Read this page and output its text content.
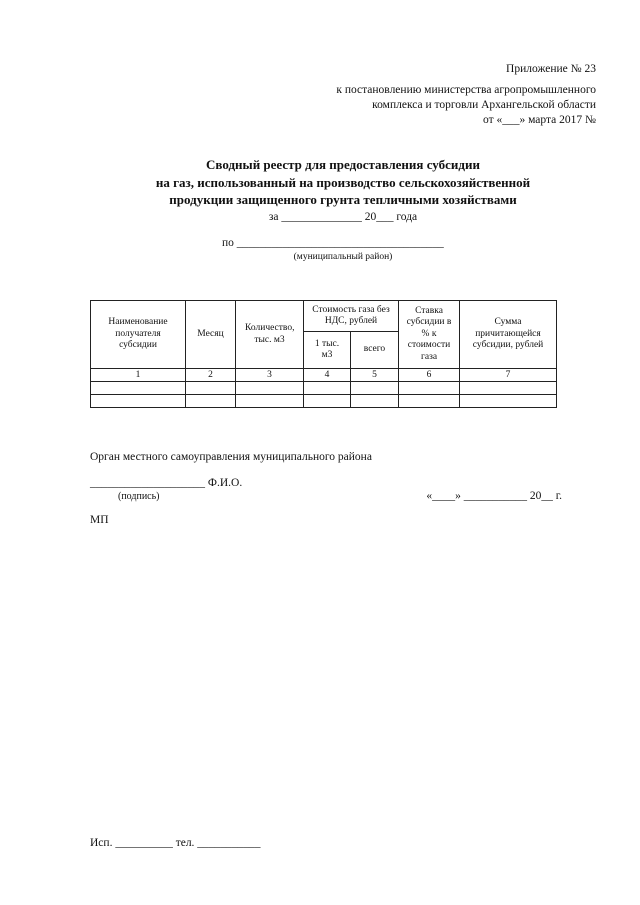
Приложение № 23
к постановлению министерства агропромышленного
комплекса и торговли Архангельской области
от «___» марта 2017 №
Сводный реестр для предоставления субсидии
на газ, использованный на производство сельскохозяйственной
продукции защищенного грунта тепличными хозяйствами
за ______________ 20___ года
по ____________________________________
(муниципальный район)
Наименование получателя субсидии	Месяц	Количество, тыс. м3	Стоимость газа без НДС, рублей		Ставка субсидии в % к стоимости газа	Сумма причитающейся субсидии, рублей
			1 тыс. м3	всего		
1	2	3	4	5	6	7

Орган местного самоуправления муниципального района
____________________ Ф.И.О.
(подпись)	«____» ___________ 20__ г.
МП
Исп. __________ тел. ___________
